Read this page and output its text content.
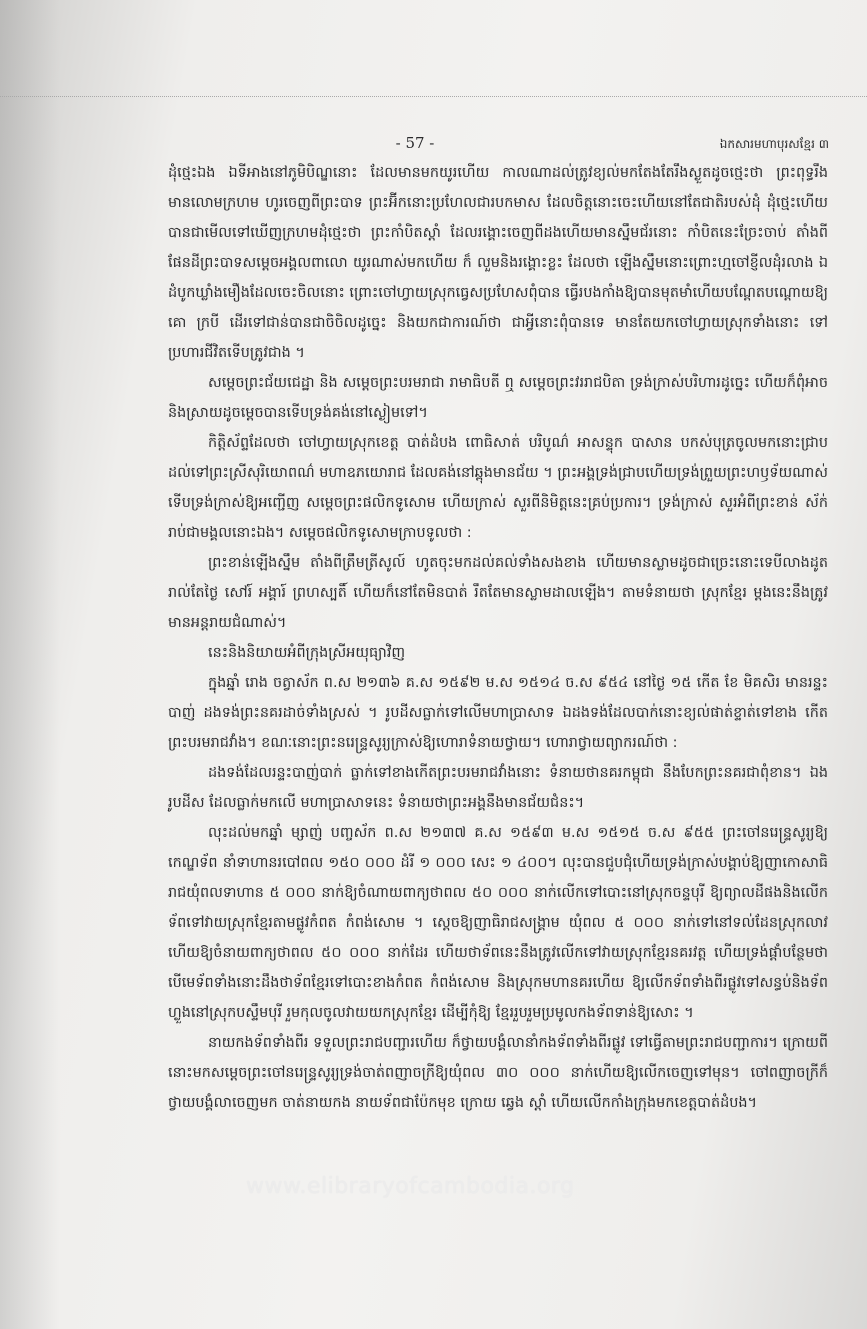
- 57 -	ឯកសារមហាបុរសខ្មែរ ៣

ដុំថ្មេះឯង ឯទីអាងនៅភូមិបិណ្ឌនោះ ដែលមានមកយូរហើយ កាលណាដល់ត្រូវខ្យល់មកតែងតែរឹងស្ងួតដូចថ្មេះថា ព្រះពុទ្ធរឹងមានលោមក្រហម ហូរចេញពីព្រះបាទ ព្រះអ៊ីកនោះប្រហែលជារបកមាស ដែលចិត្តនោះចេះហើយនៅតែជាតិរបស់ដុំ ដុំថ្មេះហើយ បានជាមើលទៅឃើញក្រហមដុំថ្មេះថា ព្រះកាំបិតស្តាំ ដែលរង្គោះចេញពីដងហើយមានស្នឹមជ័រនោះ កាំបិតនេះច្រែះចាប់ តាំងពីផែនដីព្រះបាទសម្តេចអង្គលពាលោ យូរណាស់មកហើយ ក៏ លួមនិងរង្គោះខ្លះ ដែលថា ឡើងស្នឹមនោះព្រោះហ្មចៅខ្ញីលដុំរលាង ឯដំបូកឃ្លាំងមឿងដែលចេះចិលនោះ ព្រោះចៅហ្វាយស្រុកធ្វេសប្រហែសពុំបាន ធ្វើរបងកាំងឱ្យបានមុតមាំហើយបណ្តែតបណ្ដោយឱ្យ គោ ក្របី ដើរទៅជាន់បានជាចិចិលដូច្នេះ និងយកជាការណ៍ថា ជាអ្វីនោះពុំបានទេ មានតែយកចៅហ្វាយស្រុកទាំងនោះ ទៅប្រហារជីវិតទើបត្រូវជាង ។

សម្តេចព្រះជ័យជេដ្ឋា និង សម្តេចព្រះបរមរាជា រាមាធិបតី ឮ សម្តេចព្រះវររាជបិតា ទ្រង់ក្រាស់បរិហារដូច្នេះ ហើយក៏ពុំអាចនិងស្រាយដូចម្តេចបានទើបទ្រង់គង់នៅស្ងៀមទៅ។

កិត្តិស័ព្ទដែលថា ចៅហ្វាយស្រុកខេត្ត បាត់ដំបង ពោធិសាត់ បរិបូណ៌ អាសន្ទុក បាសាន បកស់បុត្រចូលមកនោះជ្រាបដល់ទៅព្រះស្រីសុរិយោពណ៌ មហាឧភយោរាជ ដែលគង់នៅឆ្ពុងមានជ័យ ។ ព្រះអង្គទ្រង់ជ្រាបហើយទ្រង់ព្រួយព្រះហឫទ័យណាស់ ទើបទ្រង់ក្រាស់ឱ្យអញ្ជើញ សម្តេចព្រះផលិកទូសោម ហើយក្រាស់ សួរពីនិមិត្តនេះគ្រប់ប្រការ។ ទ្រង់ក្រាស់ សួរអំពីព្រះខាន់ ស័ក់រាប់ជាមង្គលនោះឯង។ សម្តេចផលិកទូសោមក្រាបទូលថា :

ព្រះខាន់ឡើងស្នឹម តាំងពីត្រឹមត្រីសូល៍ ហូតចុះមកដល់គល់ទាំងសងខាង ហើយមានស្លាមដូចជាច្រេះនោះទេបីលាងដូតរាល់តែថ្ងៃ សៅរ៍ អង្គារ៍ ព្រហស្បតិ៍ ហើយក៏នៅតែមិនបាត់ រឹតតែមានស្លាមដាលឡើង។ តាមទំនាយថា ស្រុកខ្មែរ ម្តងនេះនឹងត្រូវមានអន្តរាយជំណាស់។

នេះនិងនិយាយអំពីក្រុងស្រីអយុធ្យាវិញ

ក្នុងឆ្នាំ រោង ចត្វាស័ក ព.ស ២១៣៦ គ.ស ១៥៩២ ម.ស ១៥១៤ ច.ស ៩៥៤ នៅថ្ងៃ ១៥ កើត ខែ មិគសិរ មានរន្ទះបាញ់ ដងទង់ព្រះនគរដាច់ទាំងស្រស់ ។ រូបដីសធ្លាក់ទៅលើមហាប្រាសាទ ឯដងទង់ដែលបាក់នោះខ្យល់ផាត់ខ្ទាត់ទៅខាង កើតព្រះបរមរាជវាំង។ ខណៈនោះព្រះនរេន្ទ្រសូរ្យក្រាស់ឱ្យហោរាទំនាយថ្វាយ។ ហោរាថ្វាយព្យាករណ៍ថា :

ដងទង់ដែលរន្ទះបាញ់បាក់ ធ្លាក់ទៅខាងកើតព្រះបរមរាជវាំងនោះ ទំនាយថានគរកម្ពុជា នឹងបែកព្រះនគរជាពុំខាន។ ឯងរូបដីស ដែលធ្លាក់មកលើ មហាប្រាសាទនេះ ទំនាយថាព្រះអង្គនឹងមានជ័យជំនះ។

លុះដល់មកឆ្នាំ ម្សាញ់ បញ្ចស័ក ព.ស ២១៣៧ គ.ស ១៥៩៣ ម.ស ១៥១៥ ច.ស ៩៥៥ ព្រះចៅនរេន្ទ្រសូរ្យឱ្យកេណ្ឌទ័ព នាំទាហានរបៅពល ១៥០ ០០០ ដំរី ១ ០០០ សេះ ១ ៤០០។ លុះបានជួបជុំហើយទ្រង់ក្រាស់បង្គាប់ឱ្យញាកោសាធិរាជយុំពលទាហាន ៥ ០០០ នាក់ឱ្យចំណាយពាក្យថាពល ៥០ ០០០ នាក់លើកទៅបោះនៅស្រុកចន្ទបុរី ឱ្យព្យាលដីផងនិងលើកទ័ពទៅវាយស្រុកខ្មែរតាមផ្លូវកំពត កំពង់សោម ។ ស្តេចឱ្យញាធិរាជសង្គ្រាម យុំពល ៥ ០០០ នាក់ទៅនៅទល់ដែនស្រុកលាវ ហើយឱ្យចំនាយពាក្យថាពល ៥០ ០០០ នាក់ដែរ ហើយថាទ័ពនេះនឹងត្រូវលើកទៅវាយស្រុកខ្មែរនគរវត្ត ហើយទ្រង់ផ្តាំបន្ថែមថា បើមេទ័ពទាំងនោះដឹងថាទ័ពខ្មែរទៅបោះខាងកំពត កំពង់សោម និងស្រុកមហានគរហើយ ឱ្យលើកទ័ពទាំងពីរផ្លូវទៅសន្ធប់និងទ័ពហ្លួងនៅស្រុកបស្ទឹមបុរី រួមកុលចូលវាយយកស្រុកខ្មែរ ដើម្បីកុំឱ្យ ខ្មែររួបរួមប្រមូលកងទ័ពទាន់ឱ្យសោះ ។

នាយកងទ័ពទាំងពីរ ទទួលព្រះរាជបញ្ជារហើយ ក៏ថ្វាយបង្គំលានាំកងទ័ពទាំងពីរផ្លូវ ទៅធ្វើតាមព្រះរាជបញ្ជាការ។ ក្រោយពីនោះមកសម្តេចព្រះចៅនរេន្ទ្រសូរ្យទ្រង់ចាត់ពញាចក្រីឱ្យយុំពល ៣០ ០០០ នាក់ហើយឱ្យលើកចេញទៅមុន។ ចៅពញាចក្រីក៏ថ្វាយបង្គំលាចេញមក ចាត់នាយកង នាយទ័ពជាប៉ែកមុខ ក្រោយ ឆ្វេង ស្តាំ ហើយលើកកាំងក្រុងមកខេត្តបាត់ដំបង។

www.elibraryofcambodia.org
